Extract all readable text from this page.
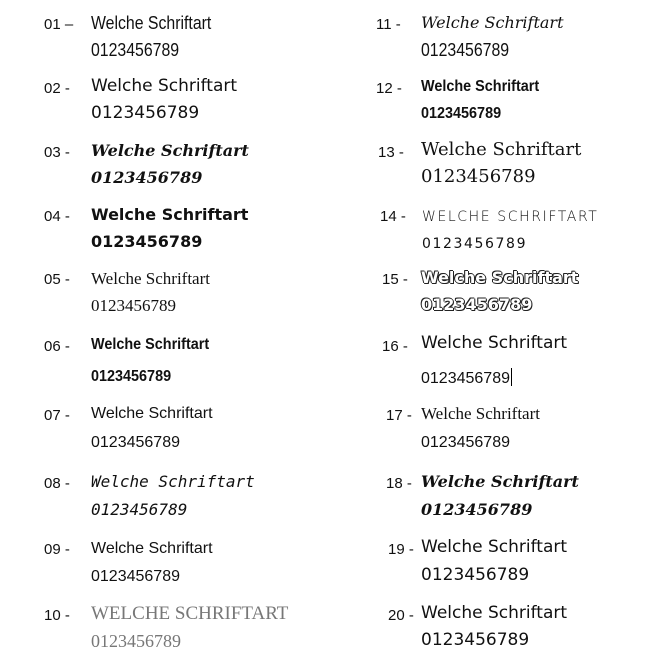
01 – Welche Schriftart
0123456789
02 - Welche Schriftart
0123456789
03 - Welche Schriftart
0123456789
04 - Welche Schriftart
0123456789
05 - Welche Schriftart
0123456789
06 - Welche Schriftart
0123456789
07 - Welche Schriftart
0123456789
08 - Welche Schriftart
0123456789
09 - Welche Schriftart
0123456789
10 - WELCHE SCHRIFTART
0123456789
11 - Welche Schriftart
0123456789
12 - Welche Schriftart
0123456789
13 - Welche Schriftart
0123456789
14 - WELCHE SCHRIFTART
0123456789
15 - Welche Schriftart
0123456789
16 - Welche Schriftart
0123456789
17 - Welche Schriftart
0123456789
18 - Welche Schriftart
0123456789
19 - Welche Schriftart
0123456789
20 - Welche Schriftart
0123456789
